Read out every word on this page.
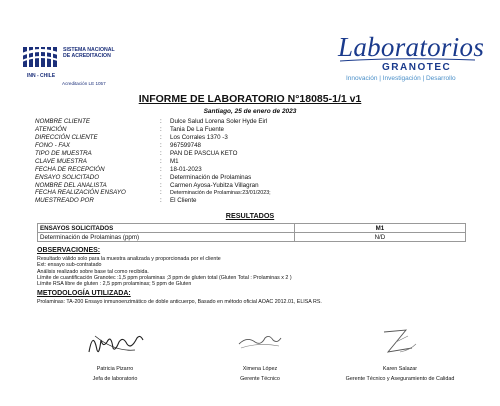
SISTEMA NACIONAL
DE ACREDITACION
INN - CHILE
Acreditación LE 1057
Laboratorios
GRANOTEC
Innovación | Investigación | Desarrollo
INFORME DE LABORATORIO N°18085-1/1 v1
Santiago, 25 de enero de 2023
NOMBRE CLIENTE	:	Dulce Salud Lorena Soler Hyde Eirl
ATENCIÓN	:	Tania De La Fuente
DIRECCIÓN CLIENTE	:	Los Corrales 1370 -3
FONO - FAX	:	967599748
TIPO DE MUESTRA	:	PAN DE PASCUA KETO
CLAVE MUESTRA	:	M1
FECHA DE RECEPCIÓN	:	18-01-2023
ENSAYO SOLICITADO	:	Determinación de Prolaminas
NOMBRE DEL ANALISTA	:	Carmen Ayosa-Yubitza Villagran
FECHA REALIZACIÓN ENSAYO	:	Determinación de Prolaminas:23/01/2023;
MUESTREADO POR	:	El Cliente
RESULTADOS
ENSAYOS SOLICITADOS	M1
Determinación de Prolaminas (ppm)	N/D
OBSERVACIONES:
Resultado válido solo para la muestra analizada y proporcionada por el cliente
Ext: ensayo sub-contratado
Análisis realizado sobre base tal como recibida.
Límite de cuantificación Granotec :1,5 ppm prolaminas ;3 ppm de gluten total (Gluten Total : Prolaminas x 2 )
Límite RSA libre de gluten : 2,5 ppm prolaminas; 5 ppm de Gluten
METODOLOGÍA UTILIZADA:
Prolaminas: TA-200 Ensayo inmunoenzimático de doble anticuerpo, Basado en método oficial AOAC 2012.01, ELISA RS.
Patricia Pizarro
Jefa de laboratorio
Ximena López
Gerente Técnico
Karen Salazar
Gerente Técnico y Aseguramiento de Calidad
